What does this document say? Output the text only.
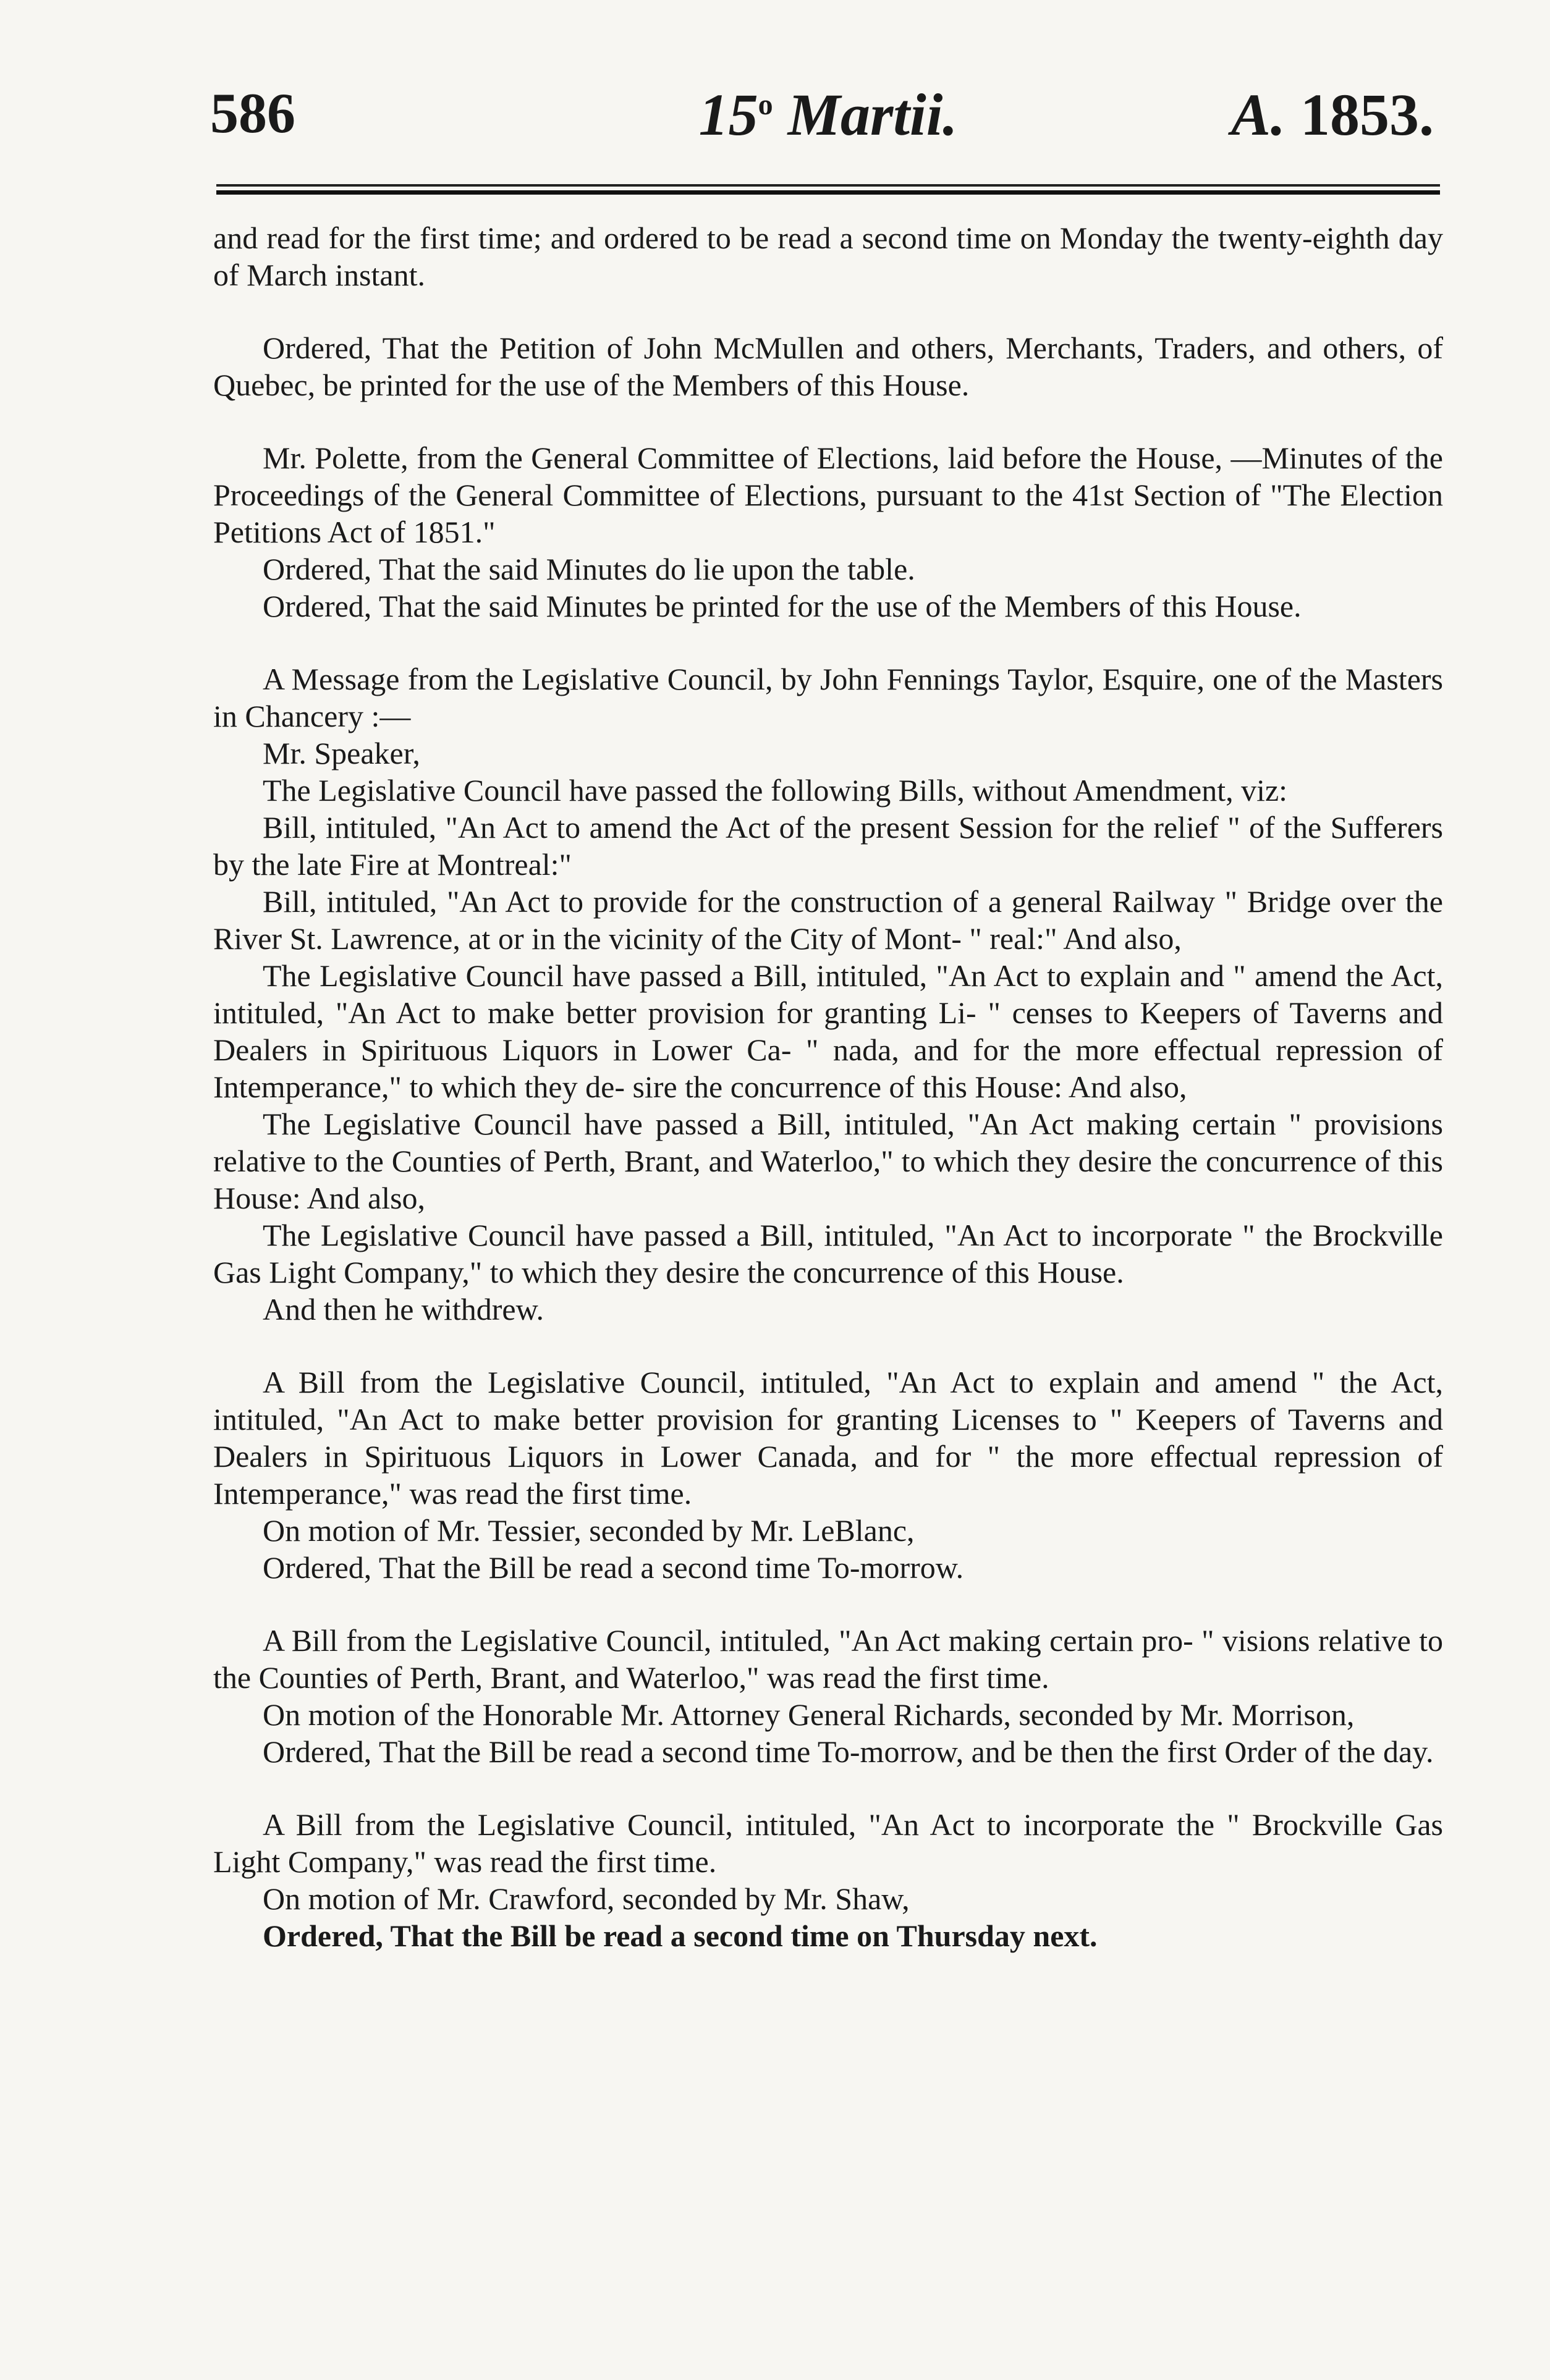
586	15$^o$ Martii.	A. 1853.

and read for the first time; and ordered to be read a second time on Monday the twenty-eighth day of March instant.

Ordered, That the Petition of John McMullen and others, Merchants, Traders, and others, of Quebec, be printed for the use of the Members of this House.

Mr. Polette, from the General Committee of Elections, laid before the House, —Minutes of the Proceedings of the General Committee of Elections, pursuant to the 41st Section of "The Election Petitions Act of 1851."

Ordered, That the said Minutes do lie upon the table.

Ordered, That the said Minutes be printed for the use of the Members of this House.

A Message from the Legislative Council, by John Fennings Taylor, Esquire, one of the Masters in Chancery :—

Mr. Speaker,

The Legislative Council have passed the following Bills, without Amendment, viz:

Bill, intituled, "An Act to amend the Act of the present Session for the relief " of the Sufferers by the late Fire at Montreal:"

Bill, intituled, "An Act to provide for the construction of a general Railway " Bridge over the River St. Lawrence, at or in the vicinity of the City of Mont- " real:" And also,

The Legislative Council have passed a Bill, intituled, "An Act to explain and " amend the Act, intituled, "An Act to make better provision for granting Li- " censes to Keepers of Taverns and Dealers in Spirituous Liquors in Lower Ca- " nada, and for the more effectual repression of Intemperance," to which they de- sire the concurrence of this House: And also,

The Legislative Council have passed a Bill, intituled, "An Act making certain " provisions relative to the Counties of Perth, Brant, and Waterloo," to which they desire the concurrence of this House: And also,

The Legislative Council have passed a Bill, intituled, "An Act to incorporate " the Brockville Gas Light Company," to which they desire the concurrence of this House.

And then he withdrew.

A Bill from the Legislative Council, intituled, "An Act to explain and amend " the Act, intituled, "An Act to make better provision for granting Licenses to " Keepers of Taverns and Dealers in Spirituous Liquors in Lower Canada, and for " the more effectual repression of Intemperance," was read the first time.

On motion of Mr. Tessier, seconded by Mr. LeBlanc,

Ordered, That the Bill be read a second time To-morrow.

A Bill from the Legislative Council, intituled, "An Act making certain pro- " visions relative to the Counties of Perth, Brant, and Waterloo," was read the first time.

On motion of the Honorable Mr. Attorney General Richards, seconded by Mr. Morrison,

Ordered, That the Bill be read a second time To-morrow, and be then the first Order of the day.

A Bill from the Legislative Council, intituled, "An Act to incorporate the " Brockville Gas Light Company," was read the first time.

On motion of Mr. Crawford, seconded by Mr. Shaw,

Ordered, That the Bill be read a second time on Thursday next.
